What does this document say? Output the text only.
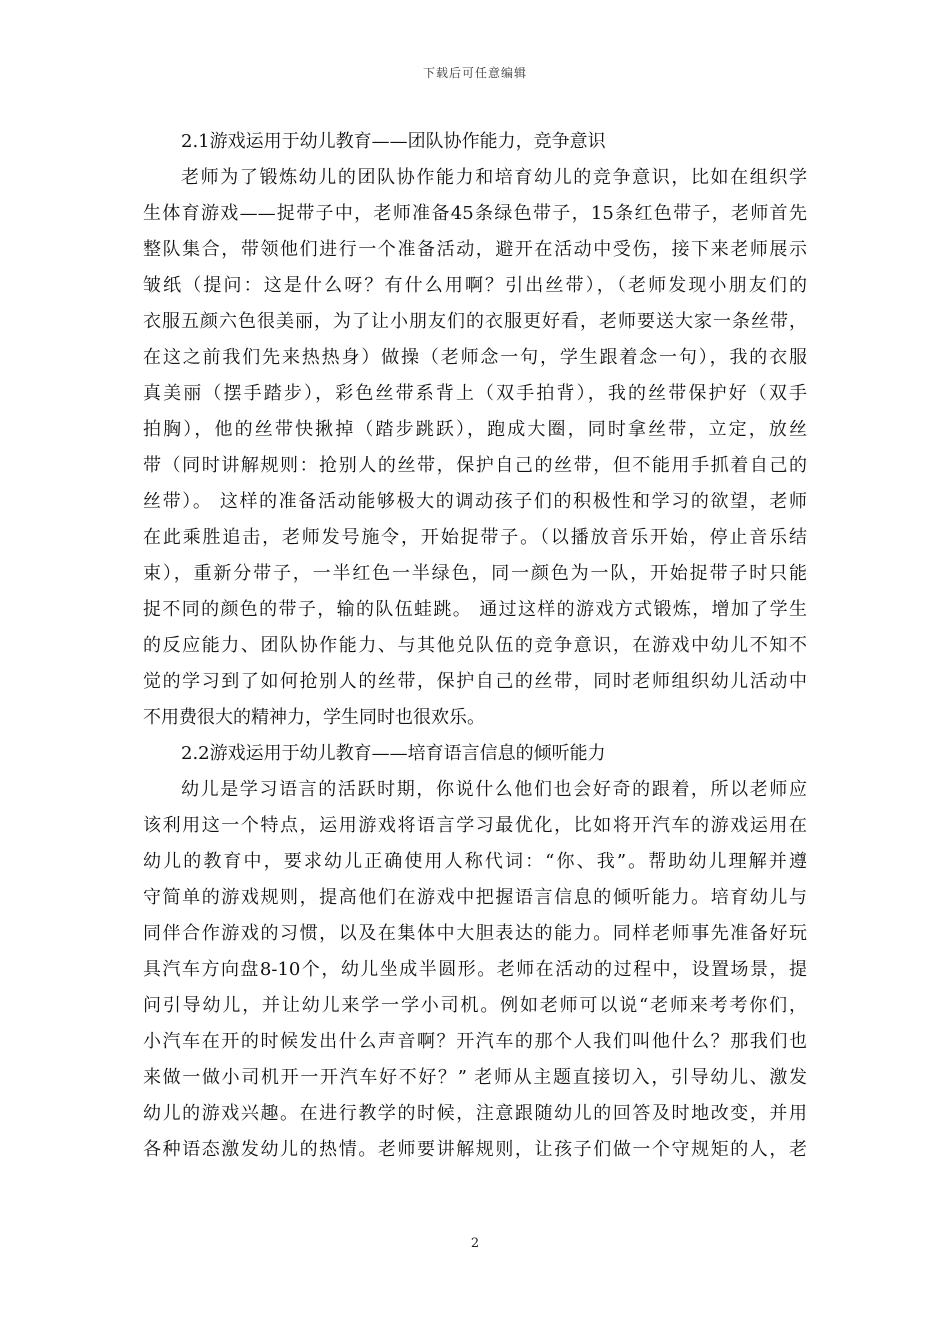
下载后可任意编辑
2.1游戏运用于幼儿教育——团队协作能力，竞争意识
老师为了锻炼幼儿的团队协作能力和培育幼儿的竞争意识，比如在组织学
生体育游戏——捉带子中，老师准备45条绿色带子，15条红色带子，老师首先
整队集合，带领他们进行一个准备活动，避开在活动中受伤，接下来老师展示
皱纸（提问：这是什么呀？有什么用啊？引出丝带），（老师发现小朋友们的
衣服五颜六色很美丽，为了让小朋友们的衣服更好看，老师要送大家一条丝带，
在这之前我们先来热热身）做操（老师念一句，学生跟着念一句），我的衣服
真美丽（摆手踏步），彩色丝带系背上（双手拍背），我的丝带保护好（双手
拍胸），他的丝带快揪掉（踏步跳跃），跑成大圈，同时拿丝带，立定，放丝
带（同时讲解规则：抢别人的丝带，保护自己的丝带，但不能用手抓着自己的
丝带）。 这样的准备活动能够极大的调动孩子们的积极性和学习的欲望，老师
在此乘胜追击，老师发号施令，开始捉带子。（以播放音乐开始，停止音乐结
束），重新分带子，一半红色一半绿色，同一颜色为一队，开始捉带子时只能
捉不同的颜色的带子，输的队伍蛙跳。 通过这样的游戏方式锻炼，增加了学生
的反应能力、团队协作能力、与其他兑队伍的竞争意识，在游戏中幼儿不知不
觉的学习到了如何抢别人的丝带，保护自己的丝带，同时老师组织幼儿活动中
不用费很大的精神力，学生同时也很欢乐。
2.2游戏运用于幼儿教育——培育语言信息的倾听能力
幼儿是学习语言的活跃时期，你说什么他们也会好奇的跟着，所以老师应
该利用这一个特点，运用游戏将语言学习最优化，比如将开汽车的游戏运用在
幼儿的教育中，要求幼儿正确使用人称代词：“你、我”。帮助幼儿理解并遵
守简单的游戏规则，提高他们在游戏中把握语言信息的倾听能力。培育幼儿与
同伴合作游戏的习惯，以及在集体中大胆表达的能力。同样老师事先准备好玩
具汽车方向盘8-10个，幼儿坐成半圆形。老师在活动的过程中，设置场景，提
问引导幼儿，并让幼儿来学一学小司机。例如老师可以说“老师来考考你们，
小汽车在开的时候发出什么声音啊？开汽车的那个人我们叫他什么？那我们也
来做一做小司机开一开汽车好不好？” 老师从主题直接切入，引导幼儿、激发
幼儿的游戏兴趣。在进行教学的时候，注意跟随幼儿的回答及时地改变，并用
各种语态激发幼儿的热情。老师要讲解规则，让孩子们做一个守规矩的人，老
2
